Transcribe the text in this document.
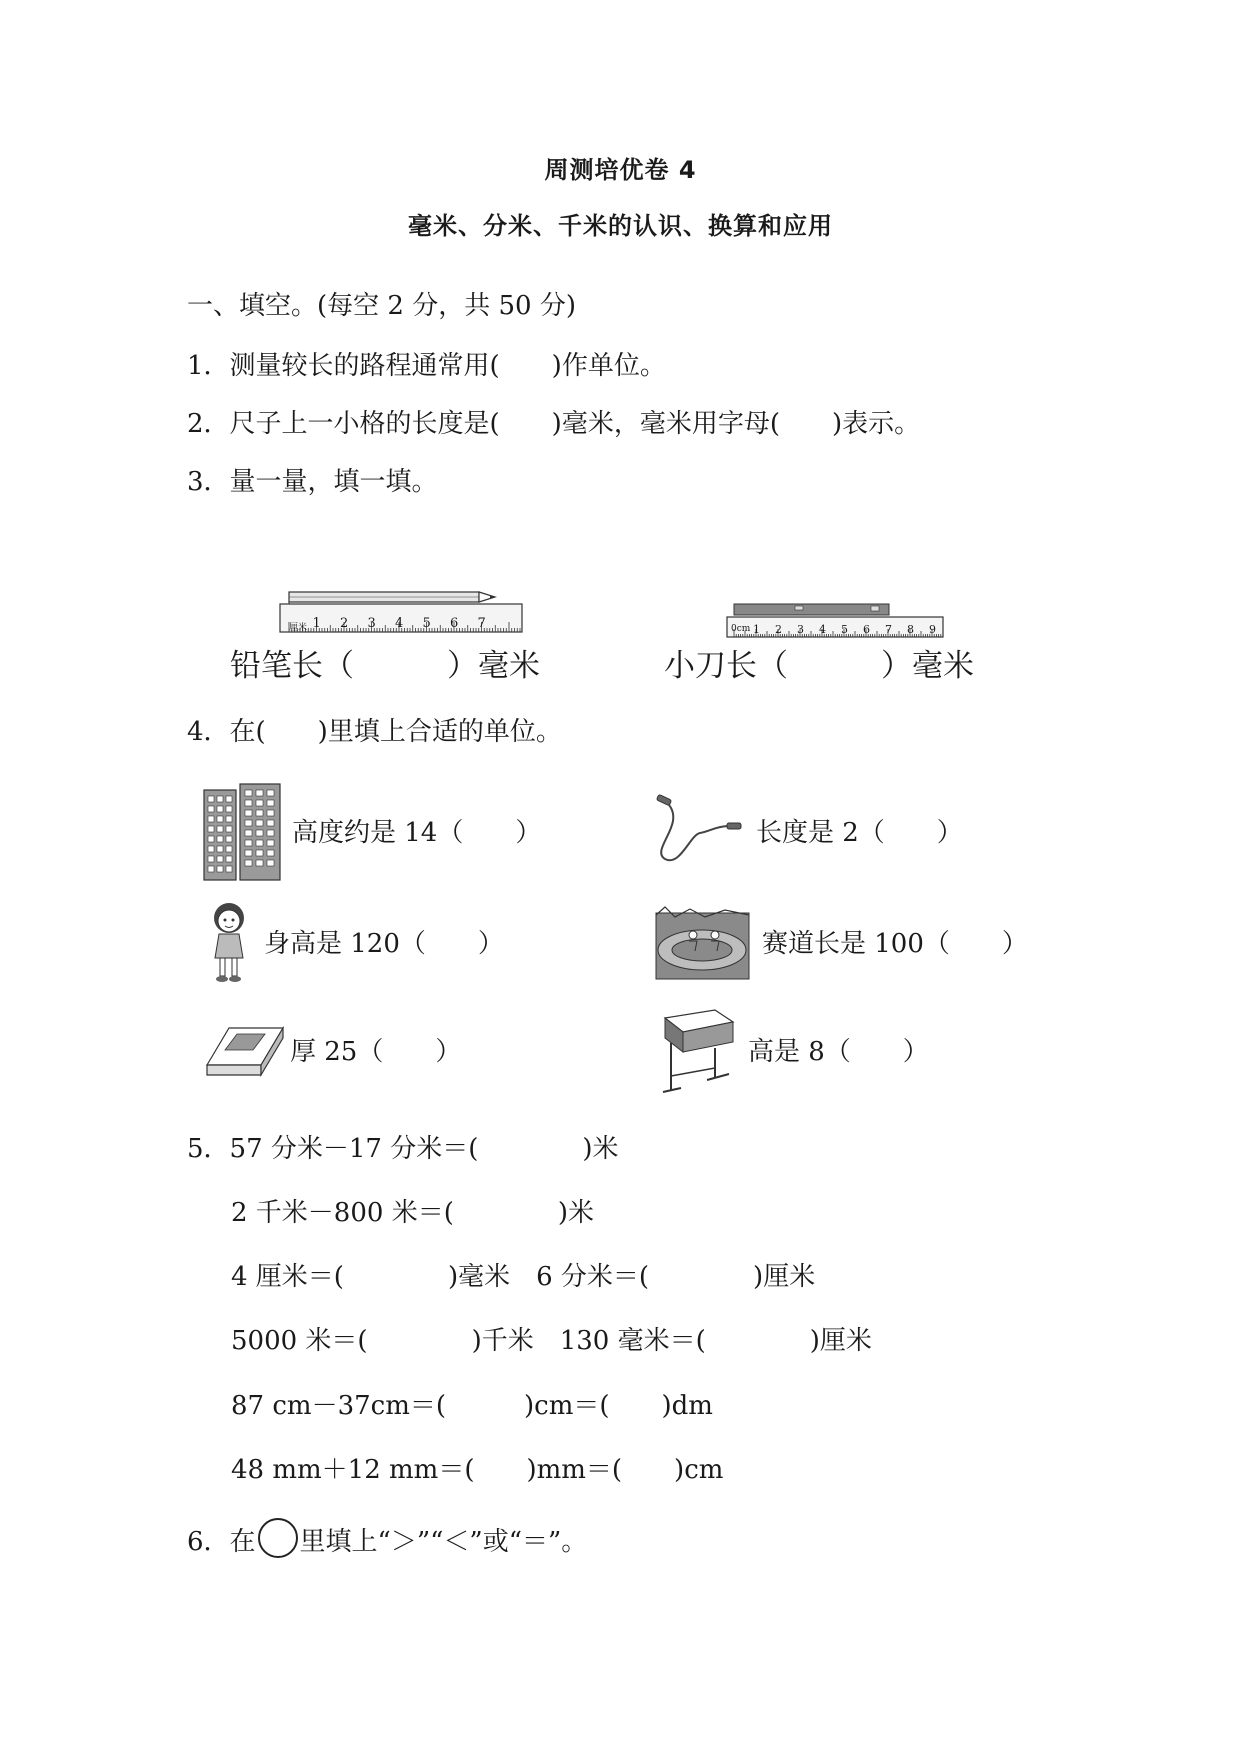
周测培优卷 4
毫米、分米、千米的认识、换算和应用
一、填空。(每空 2 分，共 50 分)
1．测量较长的路程通常用(　　)作单位。
2．尺子上一小格的长度是(　　)毫米，毫米用字母(　　)表示。
3．量一量，填一填。
厘米 1 2 3 4 5 6 7	0cm 1 2 3 4 5 6 7 8 9
铅笔长（　　　）毫米	小刀长（　　　）毫米
4．在(　　)里填上合适的单位。
高度约是 14（　　）	长度是 2（　　）
身高是 120（　　）	赛道长是 100（　　）
厚 25（　　）	高是 8（　　）
5．57 分米－17 分米＝(　　　　)米
2 千米－800 米＝(　　　　)米
4 厘米＝(　　　　)毫米　6 分米＝(　　　　)厘米
5000 米＝(　　　　)千米　130 毫米＝(　　　　)厘米
87 cm－37cm＝(　　　)cm＝(　　)dm
48 mm＋12 mm＝(　　)mm＝(　　)cm
6．在 里填上“＞”“＜”或“＝”。
